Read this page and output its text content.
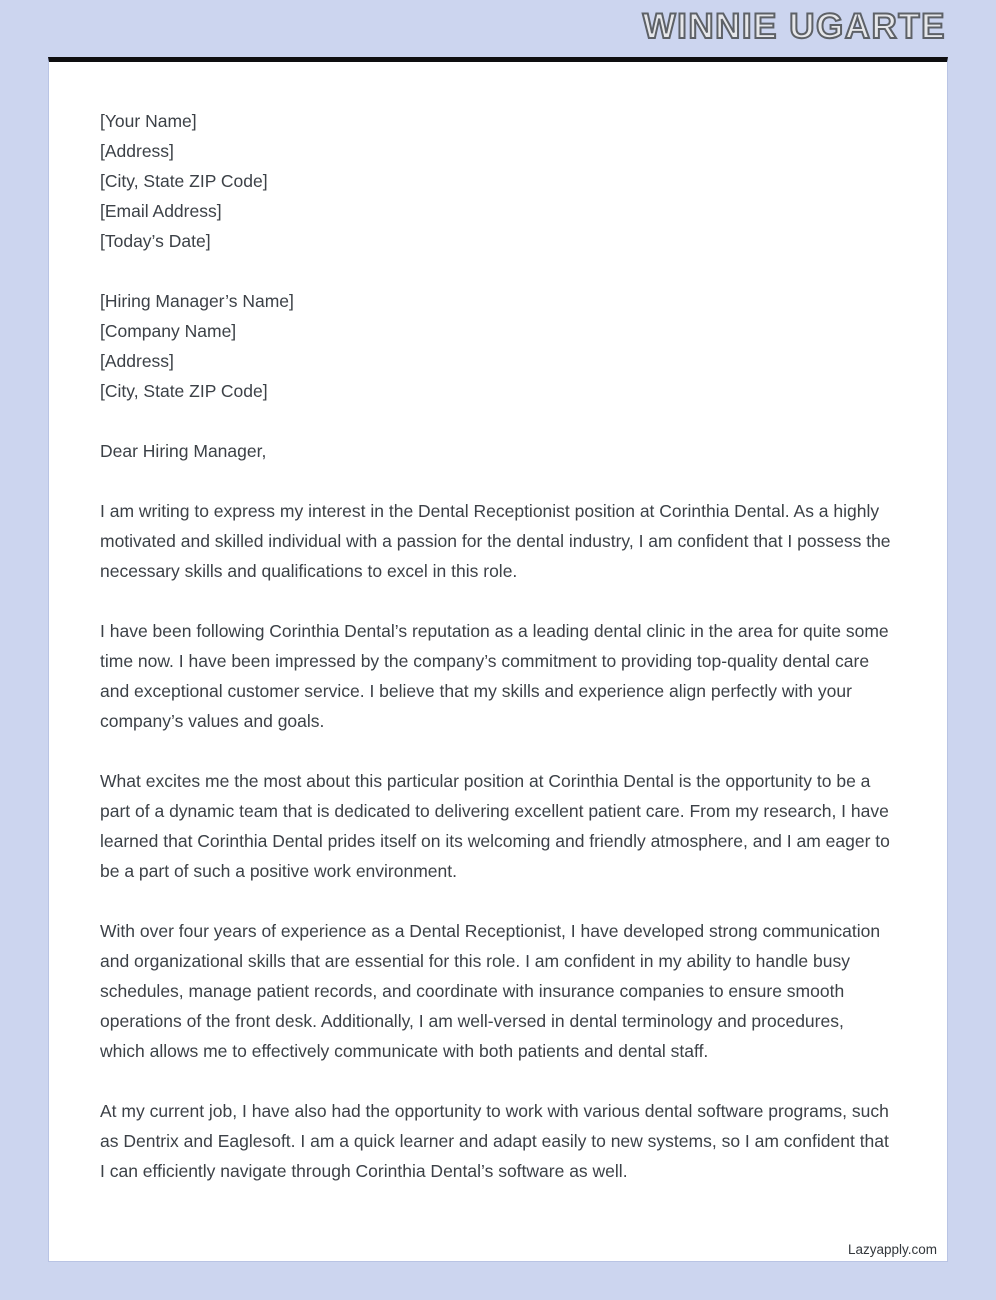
WINNIE UGARTE
[Your Name]
[Address]
[City, State ZIP Code]
[Email Address]
[Today’s Date]
[Hiring Manager’s Name]
[Company Name]
[Address]
[City, State ZIP Code]
Dear Hiring Manager,

I am writing to express my interest in the Dental Receptionist position at Corinthia Dental. As a highly motivated and skilled individual with a passion for the dental industry, I am confident that I possess the necessary skills and qualifications to excel in this role.

I have been following Corinthia Dental’s reputation as a leading dental clinic in the area for quite some time now. I have been impressed by the company’s commitment to providing top-quality dental care and exceptional customer service. I believe that my skills and experience align perfectly with your company’s values and goals.

What excites me the most about this particular position at Corinthia Dental is the opportunity to be a part of a dynamic team that is dedicated to delivering excellent patient care. From my research, I have learned that Corinthia Dental prides itself on its welcoming and friendly atmosphere, and I am eager to be a part of such a positive work environment.

With over four years of experience as a Dental Receptionist, I have developed strong communication and organizational skills that are essential for this role. I am confident in my ability to handle busy schedules, manage patient records, and coordinate with insurance companies to ensure smooth operations of the front desk. Additionally, I am well-versed in dental terminology and procedures, which allows me to effectively communicate with both patients and dental staff.

At my current job, I have also had the opportunity to work with various dental software programs, such as Dentrix and Eaglesoft. I am a quick learner and adapt easily to new systems, so I am confident that I can efficiently navigate through Corinthia Dental’s software as well.

Lazyapply.com
